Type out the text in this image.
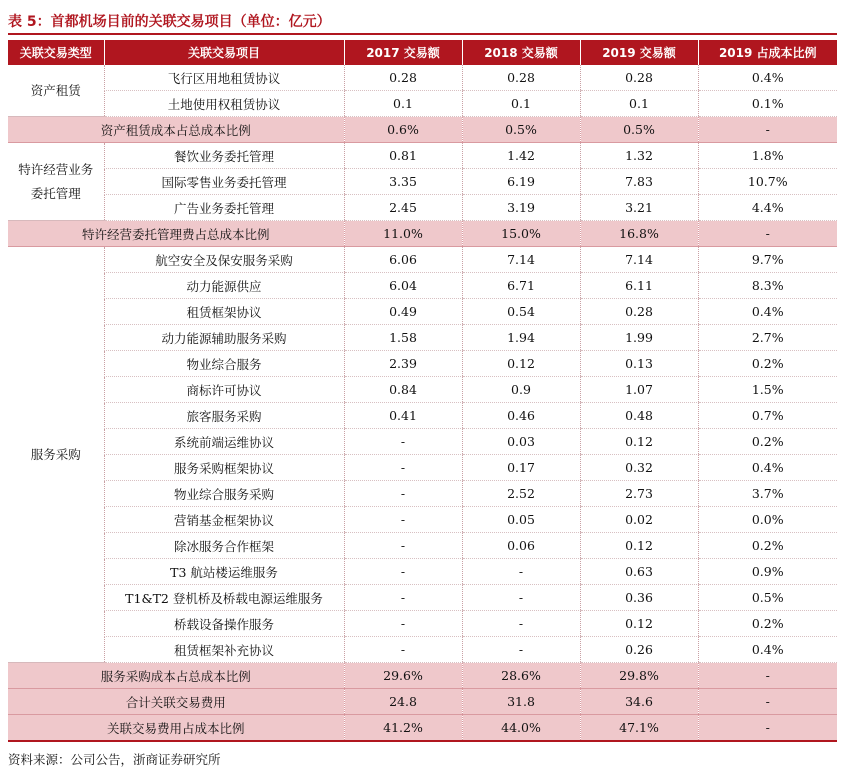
表 5：首都机场目前的关联交易项目（单位：亿元）
关联交易类型	关联交易项目	2017 交易额	2018 交易额	2019 交易额	2019 占成本比例
资产租赁	飞行区用地租赁协议	0.28	0.28	0.28	0.4%
	土地使用权租赁协议	0.1	0.1	0.1	0.1%
资产租赁成本占总成本比例		0.6%	0.5%	0.5%	-
特许经营业务委托管理	餐饮业务委托管理	0.81	1.42	1.32	1.8%
	国际零售业务委托管理	3.35	6.19	7.83	10.7%
	广告业务委托管理	2.45	3.19	3.21	4.4%
特许经营委托管理费占总成本比例		11.0%	15.0%	16.8%	-
服务采购	航空安全及保安服务采购	6.06	7.14	7.14	9.7%
	动力能源供应	6.04	6.71	6.11	8.3%
	租赁框架协议	0.49	0.54	0.28	0.4%
	动力能源辅助服务采购	1.58	1.94	1.99	2.7%
	物业综合服务	2.39	0.12	0.13	0.2%
	商标许可协议	0.84	0.9	1.07	1.5%
	旅客服务采购	0.41	0.46	0.48	0.7%
	系统前端运维协议	-	0.03	0.12	0.2%
	服务采购框架协议	-	0.17	0.32	0.4%
	物业综合服务采购	-	2.52	2.73	3.7%
	营销基金框架协议	-	0.05	0.02	0.0%
	除冰服务合作框架	-	0.06	0.12	0.2%
	T3 航站楼运维服务	-	-	0.63	0.9%
	T1&T2 登机桥及桥载电源运维服务	-	-	0.36	0.5%
	桥载设备操作服务	-	-	0.12	0.2%
	租赁框架补充协议	-	-	0.26	0.4%
服务采购成本占总成本比例		29.6%	28.6%	29.8%	-
合计关联交易费用		24.8	31.8	34.6	-
关联交易费用占成本比例		41.2%	44.0%	47.1%	-
资料来源：公司公告，浙商证券研究所
